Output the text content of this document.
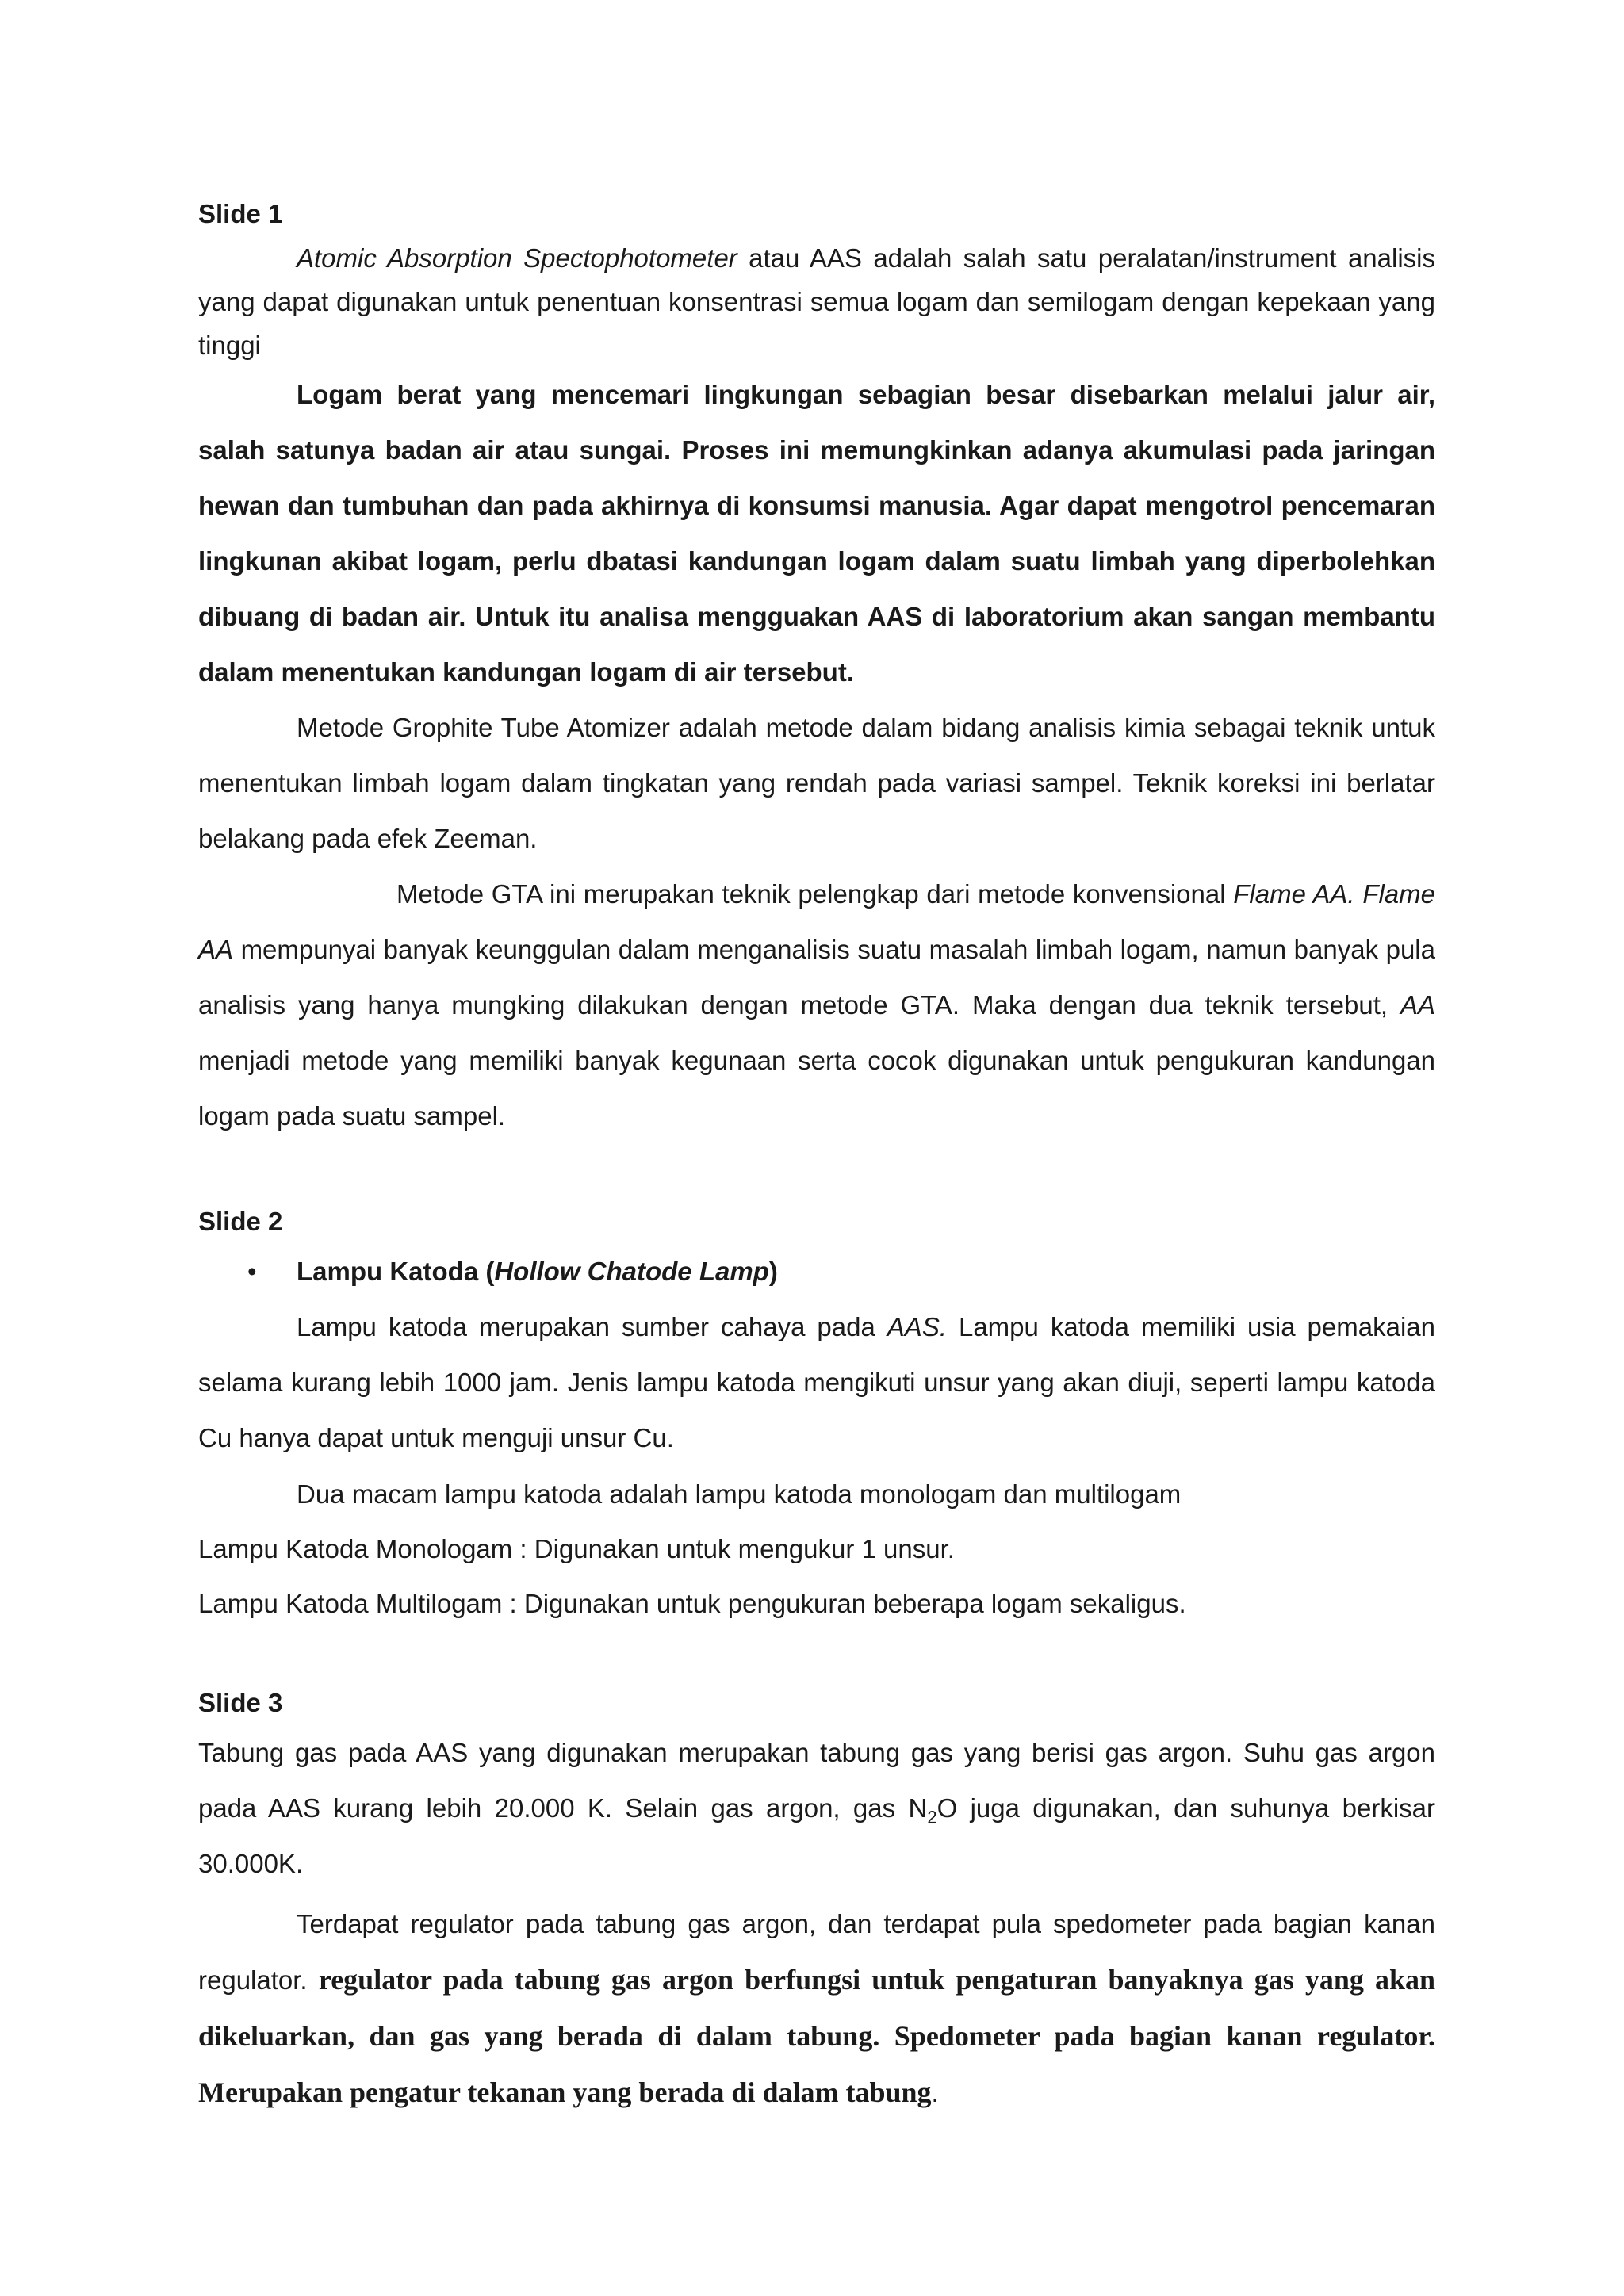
Slide 1

Atomic Absorption Spectophotometer atau AAS adalah salah satu peralatan/instrument analisis yang dapat digunakan untuk penentuan konsentrasi semua logam dan semilogam dengan kepekaan yang tinggi

Logam berat yang mencemari lingkungan sebagian besar disebarkan melalui jalur air, salah satunya badan air atau sungai. Proses ini memungkinkan adanya akumulasi pada jaringan hewan dan tumbuhan dan pada akhirnya di konsumsi manusia. Agar dapat mengotrol pencemaran lingkunan akibat logam, perlu dbatasi kandungan logam dalam suatu limbah yang diperbolehkan dibuang di badan air. Untuk itu analisa mengguakan AAS di laboratorium akan sangan membantu dalam menentukan kandungan logam di air tersebut.

Metode Grophite Tube Atomizer adalah metode dalam bidang analisis kimia sebagai teknik untuk menentukan limbah logam dalam tingkatan yang rendah pada variasi sampel. Teknik koreksi ini berlatar belakang pada efek Zeeman.

Metode GTA ini merupakan teknik pelengkap dari metode konvensional Flame AA. Flame AA mempunyai banyak keunggulan dalam menganalisis suatu masalah limbah logam, namun banyak pula analisis yang hanya mungking dilakukan dengan metode GTA. Maka dengan dua teknik tersebut, AA menjadi metode yang memiliki banyak kegunaan serta cocok digunakan untuk pengukuran kandungan logam pada suatu sampel.

Slide 2

• Lampu Katoda (Hollow Chatode Lamp)

Lampu katoda merupakan sumber cahaya pada AAS. Lampu katoda memiliki usia pemakaian selama kurang lebih 1000 jam. Jenis lampu katoda mengikuti unsur yang akan diuji, seperti lampu katoda Cu hanya dapat untuk menguji unsur Cu.

Dua macam lampu katoda adalah lampu katoda monologam dan multilogam

Lampu Katoda Monologam : Digunakan untuk mengukur 1 unsur.

Lampu Katoda Multilogam : Digunakan untuk pengukuran beberapa logam sekaligus.

Slide 3

Tabung gas pada AAS yang digunakan merupakan tabung gas yang berisi gas argon. Suhu gas argon pada AAS kurang lebih 20.000 K. Selain gas argon, gas $N_2O$ juga digunakan, dan suhunya berkisar 30.000K.

Terdapat regulator pada tabung gas argon, dan terdapat pula spedometer pada bagian kanan regulator. regulator pada tabung gas argon berfungsi untuk pengaturan banyaknya gas yang akan dikeluarkan, dan gas yang berada di dalam tabung. Spedometer pada bagian kanan regulator. Merupakan pengatur tekanan yang berada di dalam tabung.
